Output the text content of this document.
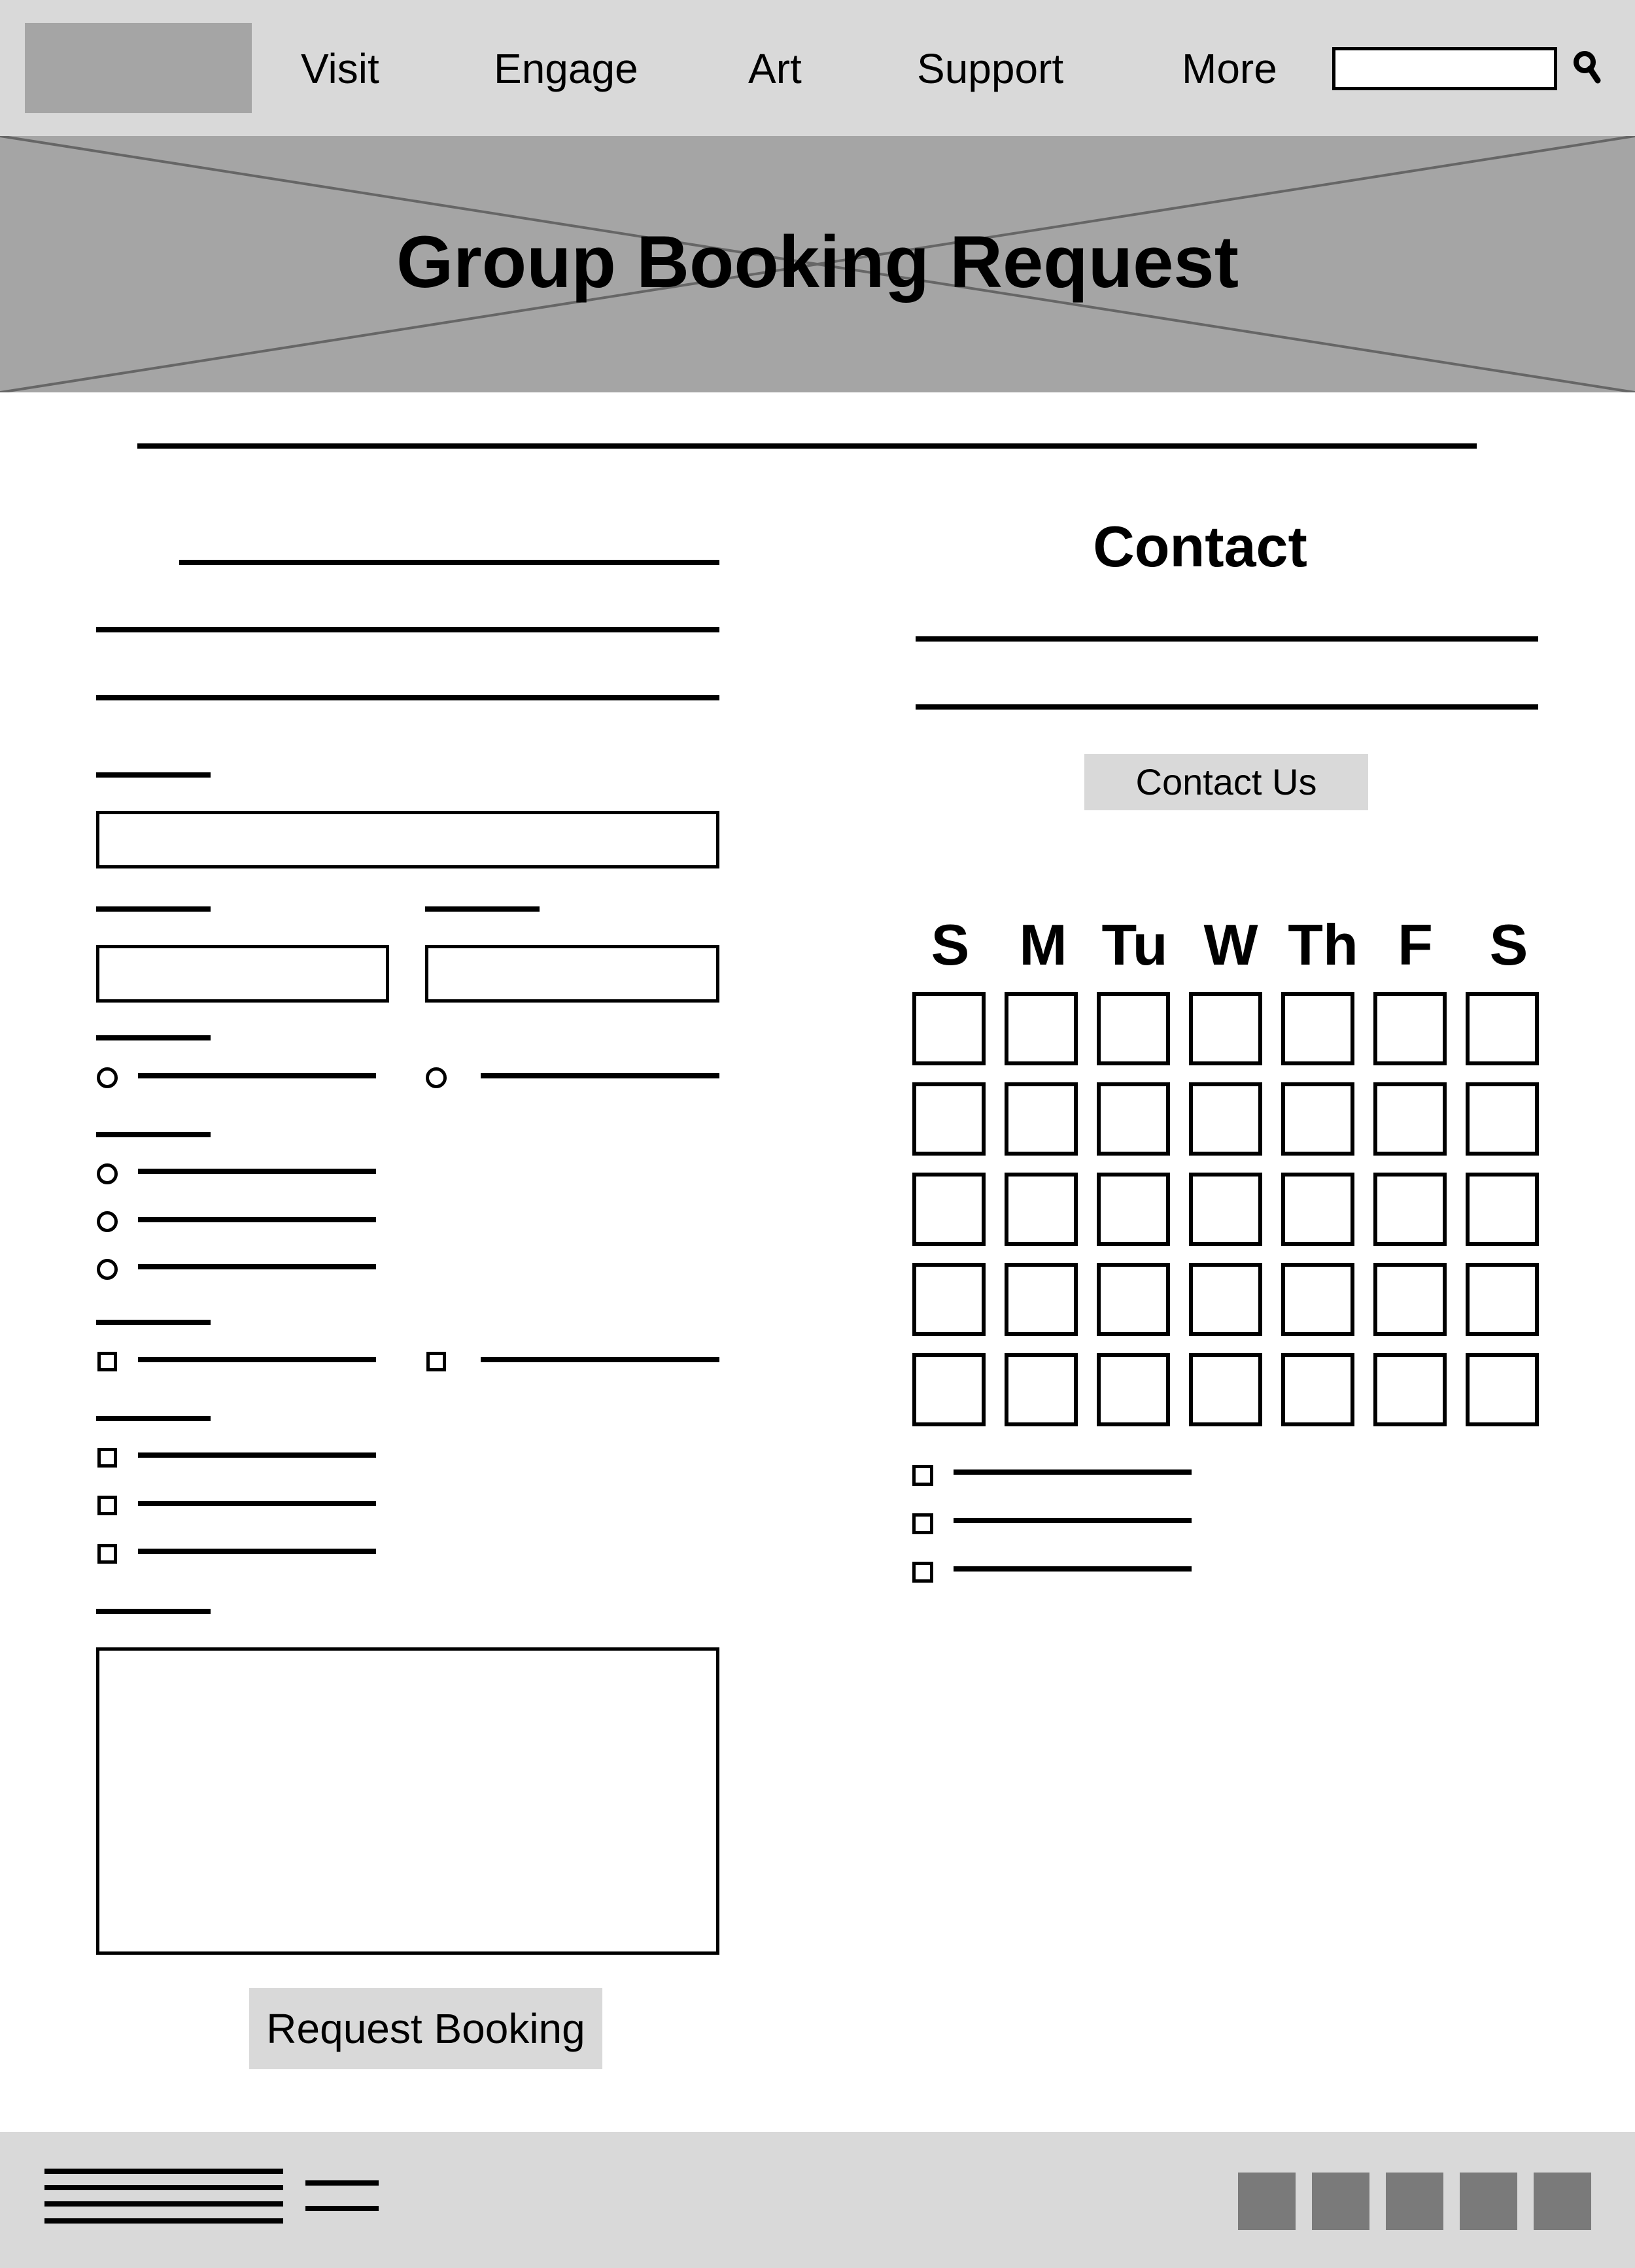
Visit	Engage	Art	Support	More
Group Booking Request
Request Booking
Contact
Contact Us
S M Tu W Th F S
